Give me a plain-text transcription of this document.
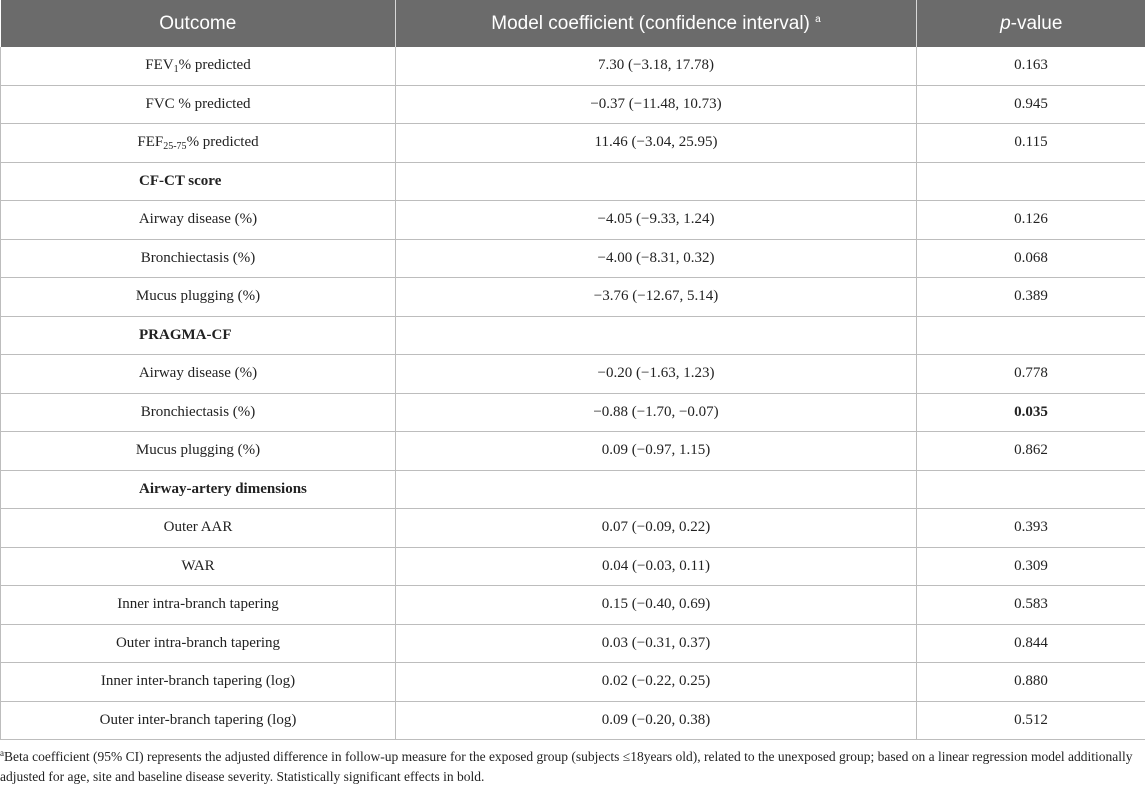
Outcome	Model coefficient (confidence interval) $^a$	p-value
$FEV_1\%$ predicted	7.30 (−3.18, 17.78)	0.163
FVC % predicted	−0.37 (−11.48, 10.73)	0.945
$FEF_{25-75}\%$ predicted	11.46 (−3.04, 25.95)	0.115
CF-CT score		
Airway disease (%)	−4.05 (−9.33, 1.24)	0.126
Bronchiectasis (%)	−4.00 (−8.31, 0.32)	0.068
Mucus plugging (%)	−3.76 (−12.67, 5.14)	0.389
PRAGMA-CF		
Airway disease (%)	−0.20 (−1.63, 1.23)	0.778
Bronchiectasis (%)	−0.88 (−1.70, −0.07)	0.035
Mucus plugging (%)	0.09 (−0.97, 1.15)	0.862
Airway-artery dimensions		
Outer AAR	0.07 (−0.09, 0.22)	0.393
WAR	0.04 (−0.03, 0.11)	0.309
Inner intra-branch tapering	0.15 (−0.40, 0.69)	0.583
Outer intra-branch tapering	0.03 (−0.31, 0.37)	0.844
Inner inter-branch tapering (log)	0.02 (−0.22, 0.25)	0.880
Outer inter-branch tapering (log)	0.09 (−0.20, 0.38)	0.512
$^a$Beta coefficient (95% CI) represents the adjusted difference in follow-up measure for the exposed group (subjects ≤18years old), related to the unexposed group; based on a linear regression model additionally adjusted for age, site and baseline disease severity. Statistically significant effects in bold.
